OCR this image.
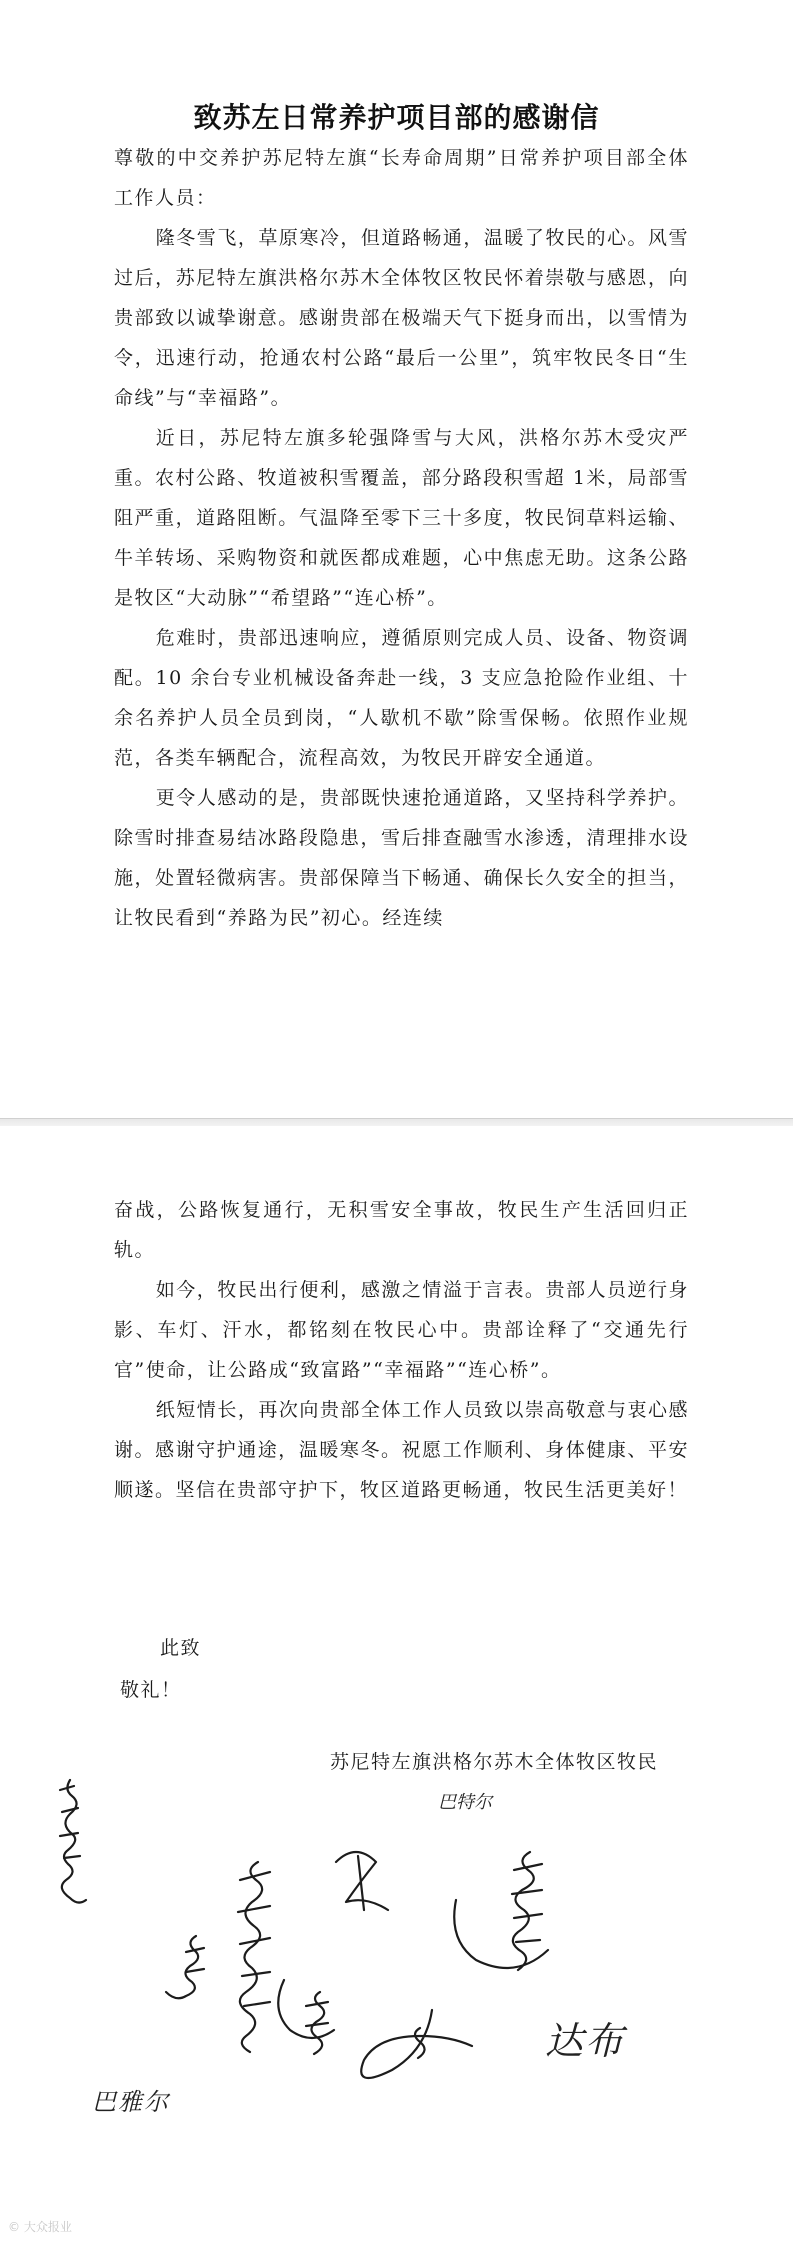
致苏左日常养护项目部的感谢信

尊敬的中交养护苏尼特左旗“长寿命周期”日常养护项目部全体工作人员：

隆冬雪飞，草原寒冷，但道路畅通，温暖了牧民的心。风雪过后，苏尼特左旗洪格尔苏木全体牧区牧民怀着崇敬与感恩，向贵部致以诚挚谢意。感谢贵部在极端天气下挺身而出，以雪情为令，迅速行动，抢通农村公路“最后一公里”，筑牢牧民冬日“生命线”与“幸福路”。

近日，苏尼特左旗多轮强降雪与大风，洪格尔苏木受灾严重。农村公路、牧道被积雪覆盖，部分路段积雪超 1米，局部雪阻严重，道路阻断。气温降至零下三十多度，牧民饲草料运输、牛羊转场、采购物资和就医都成难题，心中焦虑无助。这条公路是牧区“大动脉”“希望路”“连心桥”。

危难时，贵部迅速响应，遵循原则完成人员、设备、物资调配。10 余台专业机械设备奔赴一线，3 支应急抢险作业组、十余名养护人员全员到岗，“人歇机不歇”除雪保畅。依照作业规范，各类车辆配合，流程高效，为牧民开辟安全通道。

更令人感动的是，贵部既快速抢通道路，又坚持科学养护。除雪时排查易结冰路段隐患，雪后排查融雪水渗透，清理排水设施，处置轻微病害。贵部保障当下畅通、确保长久安全的担当，让牧民看到“养路为民”初心。经连续

奋战，公路恢复通行，无积雪安全事故，牧民生产生活回归正轨。

如今，牧民出行便利，感激之情溢于言表。贵部人员逆行身影、车灯、汗水，都铭刻在牧民心中。贵部诠释了“交通先行官”使命，让公路成“致富路”“幸福路”“连心桥”。

纸短情长，再次向贵部全体工作人员致以崇高敬意与衷心感谢。感谢守护通途，温暖寒冬。祝愿工作顺利、身体健康、平安顺遂。坚信在贵部守护下，牧区道路更畅通，牧民生活更美好！

此致
敬礼！
苏尼特左旗洪格尔苏木全体牧区牧民
巴特尔
达布
巴雅尔
© 大众报业
